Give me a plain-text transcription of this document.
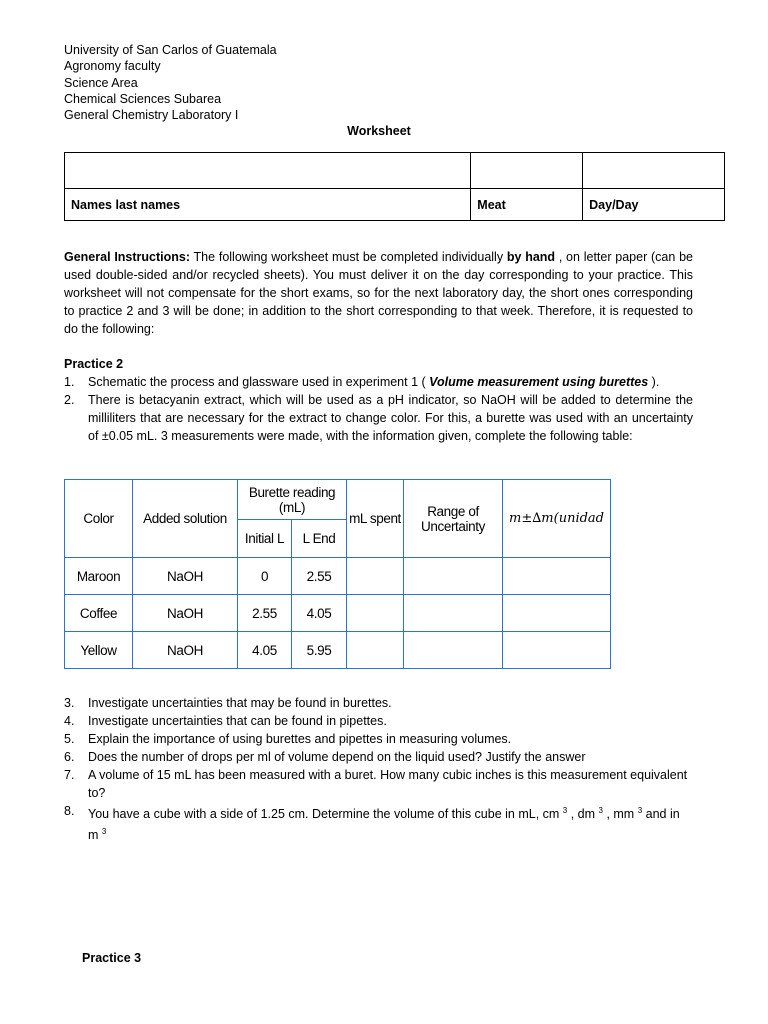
University of San Carlos of Guatemala
Agronomy faculty
Science Area
Chemical Sciences Subarea
General Chemistry Laboratory I
Worksheet

Names last names	Meat	Day/Day
General Instructions: The following worksheet must be completed individually by hand , on letter paper (can be used double-sided and/or recycled sheets). You must deliver it on the day corresponding to your practice. This worksheet will not compensate for the short exams, so for the next laboratory day, the short ones corresponding to practice 2 and 3 will be done; in addition to the short corresponding to that week. Therefore, it is requested to do the following:
Practice 2
1. Schematic the process and glassware used in experiment 1 ( Volume measurement using burettes ).
2. There is betacyanin extract, which will be used as a pH indicator, so NaOH will be added to determine the milliliters that are necessary for the extract to change color. For this, a burette was used with an uncertainty of ±0.05 mL. 3 measurements were made, with the information given, complete the following table:
Color	Added solution	Burette reading (mL)		mL spent	Range of Uncertainty	m±∆m(unidad
		Initial L	L End			
Maroon	NaOH	0	2.55			
Coffee	NaOH	2.55	4.05			
Yellow	NaOH	4.05	5.95			
3. Investigate uncertainties that may be found in burettes.
4. Investigate uncertainties that can be found in pipettes.
5. Explain the importance of using burettes and pipettes in measuring volumes.
6. Does the number of drops per ml of volume depend on the liquid used? Justify the answer
7. A volume of 15 mL has been measured with a buret. How many cubic inches is this measurement equivalent to?
8. You have a cube with a side of 1.25 cm. Determine the volume of this cube in mL, cm $^3$ , dm $^3$ , mm $^3$ and in m $^3$
Practice 3
